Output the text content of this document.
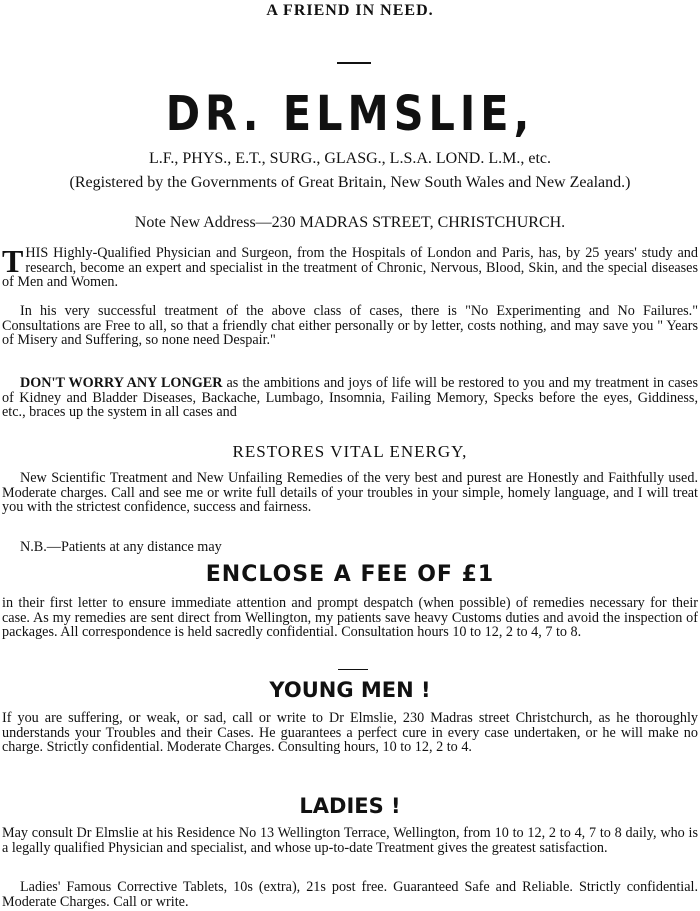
A FRIEND IN NEED.
DR. ELMSLIE,
L.F., PHYS., E.T., SURG., GLASG., L.S.A. LOND. L.M., etc.
(Registered by the Governments of Great Britain, New South Wales and New Zealand.)
Note New Address—230 MADRAS STREET, CHRISTCHURCH.
THIS Highly-Qualified Physician and Surgeon, from the Hospitals of London and Paris, has, by 25 years' study and research, become an expert and specialist in the treatment of Chronic, Nervous, Blood, Skin, and the special diseases of Men and Women.
In his very successful treatment of the above class of cases, there is "No Experimenting and No Failures." Consultations are Free to all, so that a friendly chat either personally or by letter, costs nothing, and may save you " Years of Misery and Suffering, so none need Despair."
DON'T WORRY ANY LONGER as the ambitions and joys of life will be restored to you and my treatment in cases of Kidney and Bladder Diseases, Backache, Lumbago, Insomnia, Failing Memory, Specks before the eyes, Giddiness, etc., braces up the system in all cases and
RESTORES VITAL ENERGY,
New Scientific Treatment and New Unfailing Remedies of the very best and purest are Honestly and Faithfully used. Moderate charges. Call and see me or write full details of your troubles in your simple, homely language, and I will treat you with the strictest confidence, success and fairness.
N.B.—Patients at any distance may
ENCLOSE A FEE OF £1
in their first letter to ensure immediate attention and prompt despatch (when possible) of remedies necessary for their case. As my remedies are sent direct from Wellington, my patients save heavy Customs duties and avoid the inspection of packages. All correspondence is held sacredly confidential. Consultation hours 10 to 12, 2 to 4, 7 to 8.
YOUNG MEN !
If you are suffering, or weak, or sad, call or write to Dr Elmslie, 230 Madras street Christchurch, as he thoroughly understands your Troubles and their Cases. He guarantees a perfect cure in every case undertaken, or he will make no charge. Strictly confidential. Moderate Charges. Consulting hours, 10 to 12, 2 to 4.
LADIES !
May consult Dr Elmslie at his Residence No 13 Wellington Terrace, Wellington, from 10 to 12, 2 to 4, 7 to 8 daily, who is a legally qualified Physician and specialist, and whose up-to-date Treatment gives the greatest satisfaction.
Ladies' Famous Corrective Tablets, 10s (extra), 21s post free. Guaranteed Safe and Reliable. Strictly confidential. Moderate Charges. Call or write.
